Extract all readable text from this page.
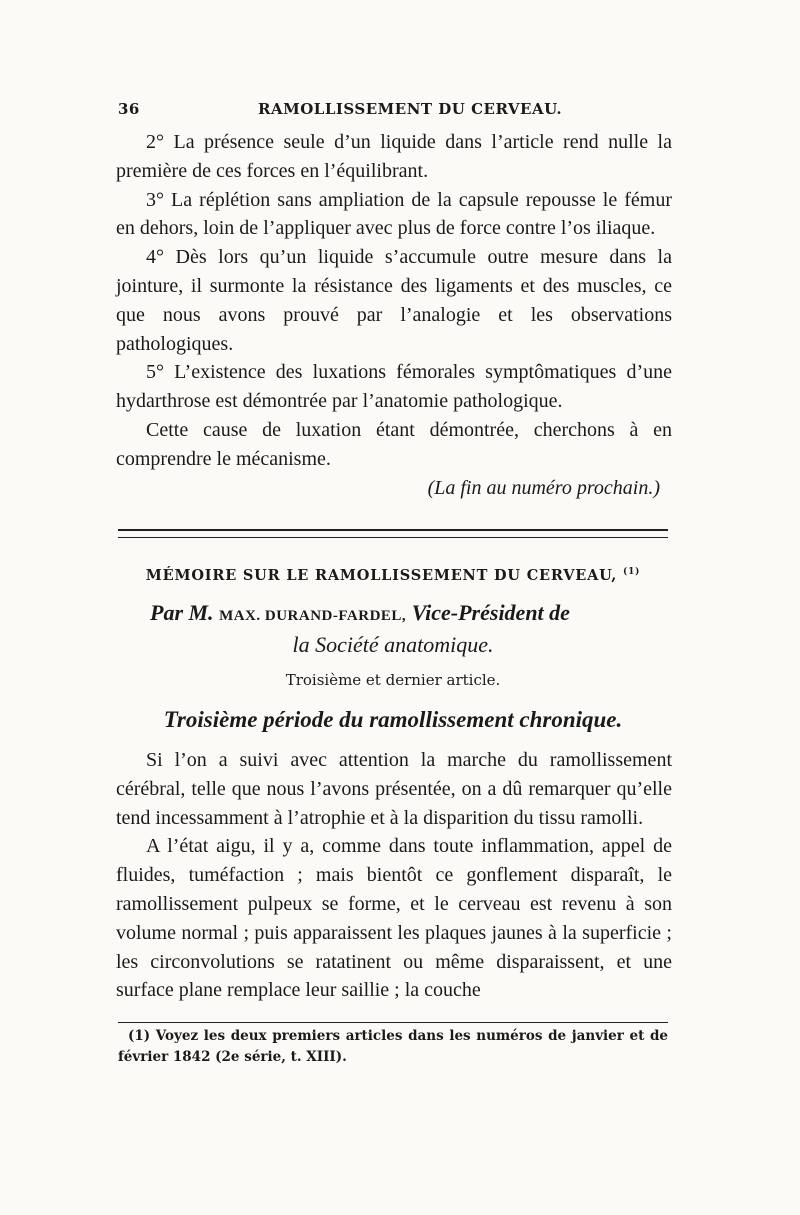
36	RAMOLLISSEMENT DU CERVEAU.

2° La présence seule d’un liquide dans l’article rend nulle la première de ces forces en l’équilibrant.

3° La réplétion sans ampliation de la capsule repousse le fémur en dehors, loin de l’appliquer avec plus de force contre l’os iliaque.

4° Dès lors qu’un liquide s’accumule outre mesure dans la jointure, il surmonte la résistance des ligaments et des muscles, ce que nous avons prouvé par l’analogie et les observations pathologiques.

5° L’existence des luxations fémorales symptômatiques d’une hydarthrose est démontrée par l’anatomie pathologique.

Cette cause de luxation étant démontrée, cherchons à en comprendre le mécanisme.

(La fin au numéro prochain.)

MÉMOIRE SUR LE RAMOLLISSEMENT DU CERVEAU, $^{(1)}$
Par M. MAX. DURAND-FARDEL, Vice-Président de
la Société anatomique.
Troisième et dernier article.
Troisième période du ramollissement chronique.

Si l’on a suivi avec attention la marche du ramollissement cérébral, telle que nous l’avons présentée, on a dû remarquer qu’elle tend incessamment à l’atrophie et à la disparition du tissu ramolli.

A l’état aigu, il y a, comme dans toute inflammation, appel de fluides, tuméfaction ; mais bientôt ce gonflement disparaît, le ramollissement pulpeux se forme, et le cerveau est revenu à son volume normal ; puis apparaissent les plaques jaunes à la superficie ; les circonvolutions se ratatinent ou même disparaissent, et une surface plane remplace leur saillie ; la couche

(1) Voyez les deux premiers articles dans les numéros de janvier et de février 1842 (2e série, t. XIII).
